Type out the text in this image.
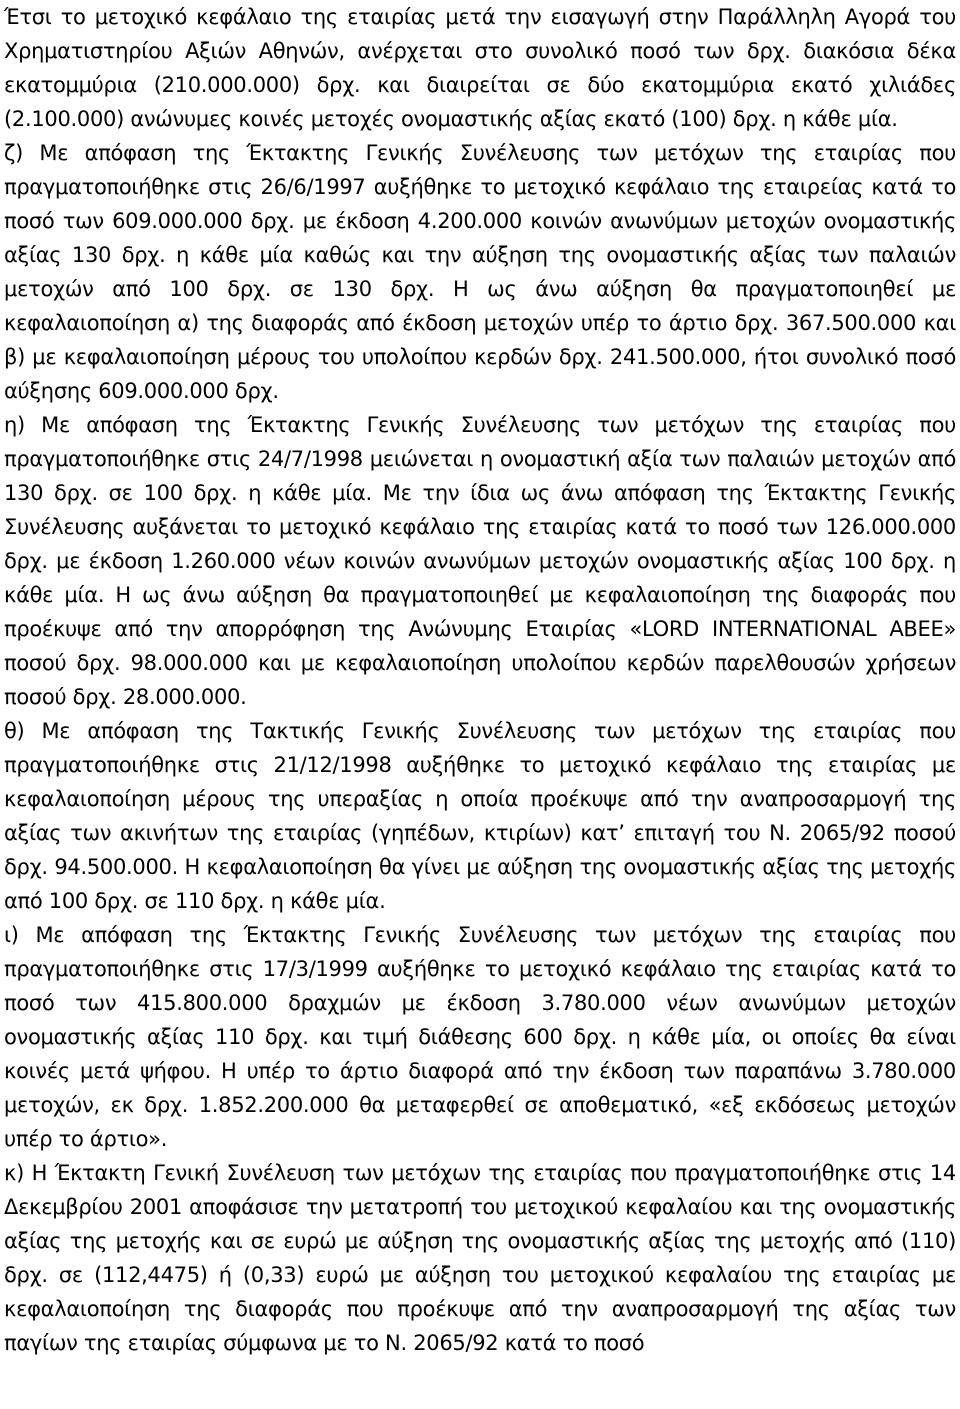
Έτσι το μετοχικό κεφάλαιο της εταιρίας μετά την εισαγωγή στην Παράλληλη Αγορά του Χρηματιστηρίου Αξιών Αθηνών, ανέρχεται στο συνολικό ποσό των δρχ. διακόσια δέκα εκατομμύρια (210.000.000) δρχ. και διαιρείται σε δύο εκατομμύρια εκατό χιλιάδες (2.100.000) ανώνυμες κοινές μετοχές ονομαστικής αξίας εκατό (100) δρχ. η κάθε μία.

ζ) Με απόφαση της Έκτακτης Γενικής Συνέλευσης των μετόχων της εταιρίας που πραγματοποιήθηκε στις 26/6/1997 αυξήθηκε το μετοχικό κεφάλαιο της εταιρείας κατά το ποσό των 609.000.000 δρχ. με έκδοση 4.200.000 κοινών ανωνύμων μετοχών ονομαστικής αξίας 130 δρχ. η κάθε μία καθώς και την αύξηση της ονομαστικής αξίας των παλαιών μετοχών από 100 δρχ. σε 130 δρχ. Η ως άνω αύξηση θα πραγματοποιηθεί με κεφαλαιοποίηση α) της διαφοράς από έκδοση μετοχών υπέρ το άρτιο δρχ. 367.500.000 και β) με κεφαλαιοποίηση μέρους του υπολοίπου κερδών δρχ. 241.500.000, ήτοι συνολικό ποσό αύξησης 609.000.000 δρχ.

η) Με απόφαση της Έκτακτης Γενικής Συνέλευσης των μετόχων της εταιρίας που πραγματοποιήθηκε στις 24/7/1998 μειώνεται η ονομαστική αξία των παλαιών μετοχών από 130 δρχ. σε 100 δρχ. η κάθε μία. Με την ίδια ως άνω απόφαση της Έκτακτης Γενικής Συνέλευσης αυξάνεται το μετοχικό κεφάλαιο της εταιρίας κατά το ποσό των 126.000.000 δρχ. με έκδοση 1.260.000 νέων κοινών ανωνύμων μετοχών ονομαστικής αξίας 100 δρχ. η κάθε μία. Η ως άνω αύξηση θα πραγματοποιηθεί με κεφαλαιοποίηση της διαφοράς που προέκυψε από την απορρόφηση της Ανώνυμης Εταιρίας «LORD INTERNATIONAL ΑΒΕΕ» ποσού δρχ. 98.000.000 και με κεφαλαιοποίηση υπολοίπου κερδών παρελθουσών χρήσεων ποσού δρχ. 28.000.000.

θ) Με απόφαση της Τακτικής Γενικής Συνέλευσης των μετόχων της εταιρίας που πραγματοποιήθηκε στις 21/12/1998 αυξήθηκε το μετοχικό κεφάλαιο της εταιρίας με κεφαλαιοποίηση μέρους της υπεραξίας η οποία προέκυψε από την αναπροσαρμογή της αξίας των ακινήτων της εταιρίας (γηπέδων, κτιρίων) κατ’ επιταγή του Ν. 2065/92 ποσού δρχ. 94.500.000. Η κεφαλαιοποίηση θα γίνει με αύξηση της ονομαστικής αξίας της μετοχής από 100 δρχ. σε 110 δρχ. η κάθε μία.

ι) Με απόφαση της Έκτακτης Γενικής Συνέλευσης των μετόχων της εταιρίας που πραγματοποιήθηκε στις 17/3/1999 αυξήθηκε το μετοχικό κεφάλαιο της εταιρίας κατά το ποσό των 415.800.000 δραχμών με έκδοση 3.780.000 νέων ανωνύμων μετοχών ονομαστικής αξίας 110 δρχ. και τιμή διάθεσης 600 δρχ. η κάθε μία, οι οποίες θα είναι κοινές μετά ψήφου. Η υπέρ το άρτιο διαφορά από την έκδοση των παραπάνω 3.780.000 μετοχών, εκ δρχ. 1.852.200.000 θα μεταφερθεί σε αποθεματικό, «εξ εκδόσεως μετοχών υπέρ το άρτιο».

κ) Η Έκτακτη Γενική Συνέλευση των μετόχων της εταιρίας που πραγματοποιήθηκε στις 14 Δεκεμβρίου 2001 αποφάσισε την μετατροπή του μετοχικού κεφαλαίου και της ονομαστικής αξίας της μετοχής και σε ευρώ με αύξηση της ονομαστικής αξίας της μετοχής από (110) δρχ. σε (112,4475) ή (0,33) ευρώ με αύξηση του μετοχικού κεφαλαίου της εταιρίας με κεφαλαιοποίηση της διαφοράς που προέκυψε από την αναπροσαρμογή της αξίας των παγίων της εταιρίας σύμφωνα με το Ν. 2065/92 κατά το ποσό
